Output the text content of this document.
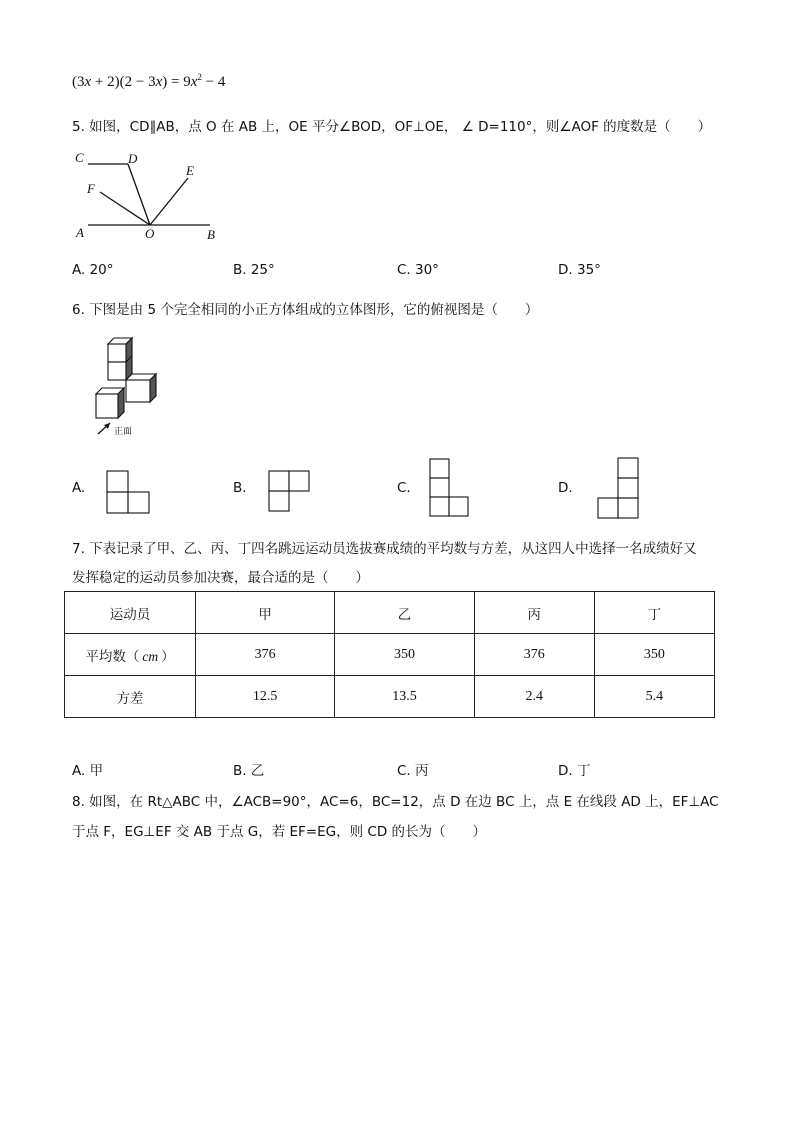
$(3x + 2)(2 - 3x) = 9x^2 - 4$
5. 如图，CD∥AB，点 O 在 AB 上，OE 平分∠BOD，OF⊥OE， ∠ D=110°，则∠AOF 的度数是（　　）
C	D
E
F
A	O	B
A. 20°	B. 25°	C. 30°	D. 35°
6. 下图是由 5 个完全相同的小正方体组成的立体图形，它的俯视图是（　　）
正面
A.	B.	C.	D.
7. 下表记录了甲、乙、丙、丁四名跳远运动员选拔赛成绩的平均数与方差，从这四人中选择一名成绩好又
发挥稳定的运动员参加决赛，最合适的是（　　）
运动员	甲	乙	丙	丁
平均数（ cm ）	376	350	376	350
方差	12.5	13.5	2.4	5.4
A. 甲	B. 乙	C. 丙	D. 丁
8. 如图，在 Rt△ABC 中，∠ACB=90°，AC=6，BC=12，点 D 在边 BC 上，点 E 在线段 AD 上，EF⊥AC
于点 F，EG⊥EF 交 AB 于点 G，若 EF=EG，则 CD 的长为（　　）
